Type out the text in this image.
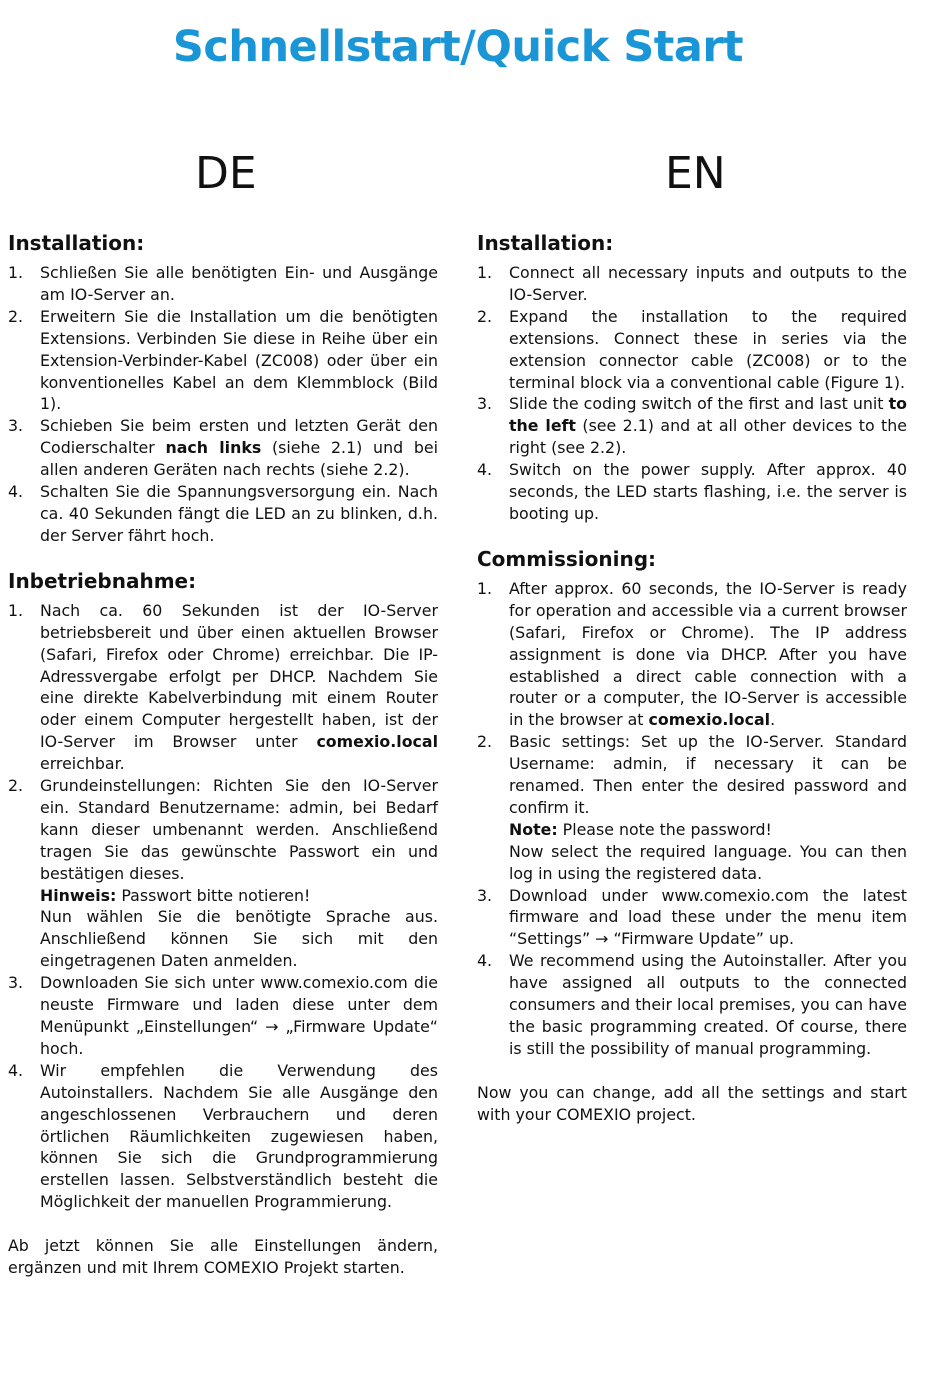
Schnellstart/Quick Start
DE	EN
Installation:
1. Schließen Sie alle benötigten Ein- und Ausgänge am IO-Server an.
2. Erweitern Sie die Installation um die benötigten Extensions. Verbinden Sie diese in Reihe über ein Extension-Verbinder-Kabel (ZC008) oder über ein konventionelles Kabel an dem Klemmblock (Bild 1).
3. Schieben Sie beim ersten und letzten Gerät den Codierschalter nach links (siehe 2.1) und bei allen anderen Geräten nach rechts (siehe 2.2).
4. Schalten Sie die Spannungsversorgung ein. Nach ca. 40 Sekunden fängt die LED an zu blinken, d.h. der Server fährt hoch.
Inbetriebnahme:
1. Nach ca. 60 Sekunden ist der IO-Server betriebsbereit und über einen aktuellen Browser (Safari, Firefox oder Chrome) erreichbar. Die IP-Adressvergabe erfolgt per DHCP. Nachdem Sie eine direkte Kabelverbindung mit einem Router oder einem Computer hergestellt haben, ist der IO-Server im Browser unter comexio.local erreichbar.
2. Grundeinstellungen: Richten Sie den IO-Server ein. Standard Benutzername: admin, bei Bedarf kann dieser umbenannt werden. Anschließend tragen Sie das gewünschte Passwort ein und bestätigen dieses.
Hinweis: Passwort bitte notieren!
Nun wählen Sie die benötigte Sprache aus. Anschließend können Sie sich mit den eingetragenen Daten anmelden.
3. Downloaden Sie sich unter www.comexio.com die neuste Firmware und laden diese unter dem Menüpunkt „Einstellungen“ → „Firmware Update“ hoch.
4. Wir empfehlen die Verwendung des Autoinstallers. Nachdem Sie alle Ausgänge den angeschlossenen Verbrauchern und deren örtlichen Räumlichkeiten zugewiesen haben, können Sie sich die Grundprogrammierung erstellen lassen. Selbstverständlich besteht die Möglichkeit der manuellen Programmierung.

Ab jetzt können Sie alle Einstellungen ändern, ergänzen und mit Ihrem COMEXIO Projekt starten.

Installation:
1. Connect all necessary inputs and outputs to the IO-Server.
2. Expand the installation to the required extensions. Connect these in series via the extension connector cable (ZC008) or to the terminal block via a conventional cable (Figure 1).
3. Slide the coding switch of the first and last unit to the left (see 2.1) and at all other devices to the right (see 2.2).
4. Switch on the power supply. After approx. 40 seconds, the LED starts flashing, i.e. the server is booting up.
Commissioning:
1. After approx. 60 seconds, the IO-Server is ready for operation and accessible via a current browser (Safari, Firefox or Chrome). The IP address assignment is done via DHCP. After you have established a direct cable connection with a router or a computer, the IO-Server is accessible in the browser at comexio.local.
2. Basic settings: Set up the IO-Server. Standard Username: admin, if necessary it can be renamed. Then enter the desired password and confirm it.
Note: Please note the password!
Now select the required language. You can then log in using the registered data.
3. Download under www.comexio.com the latest firmware and load these under the menu item “Settings” → “Firmware Update” up.
4. We recommend using the Autoinstaller. After you have assigned all outputs to the connected consumers and their local premises, you can have the basic programming created. Of course, there is still the possibility of manual programming.

Now you can change, add all the settings and start with your COMEXIO project.
